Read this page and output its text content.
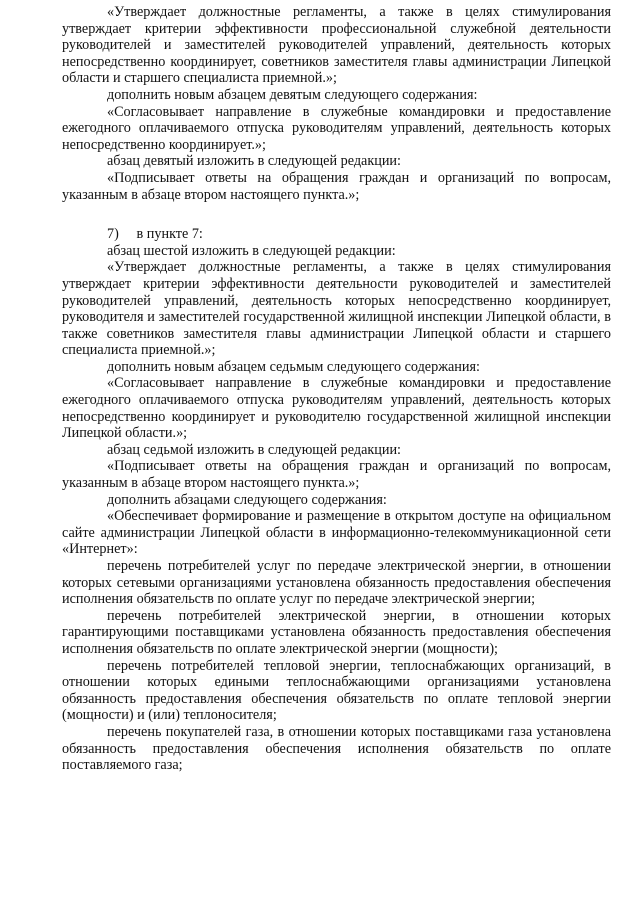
«Утверждает должностные регламенты, а также в целях стимулирования утверждает критерии эффективности профессиональной служебной деятельности руководителей и заместителей руководителей управлений, деятельность которых непосредственно координирует, советников заместителя главы администрации Липецкой области и старшего специалиста приемной.»;

дополнить новым абзацем девятым следующего содержания:

«Согласовывает направление в служебные командировки и предоставление ежегодного оплачиваемого отпуска руководителям управлений, деятельность которых непосредственно координирует.»;

абзац девятый изложить в следующей редакции:

«Подписывает ответы на обращения граждан и организаций по вопросам, указанным в абзаце втором настоящего пункта.»;

7)     в пункте 7:

абзац шестой изложить в следующей редакции:

«Утверждает должностные регламенты, а также в целях стимулирования утверждает критерии эффективности деятельности руководителей и заместителей руководителей управлений, деятельность которых непосредственно координирует, руководителя и заместителей государственной жилищной инспекции Липецкой области, в также советников заместителя главы администрации Липецкой области и старшего специалиста приемной.»;

дополнить новым абзацем седьмым следующего содержания:

«Согласовывает направление в служебные командировки и предоставление ежегодного оплачиваемого отпуска руководителям управлений, деятельность которых непосредственно координирует и руководителю государственной жилищной инспекции Липецкой области.»;

абзац седьмой изложить в следующей редакции:

«Подписывает ответы на обращения граждан и организаций по вопросам, указанным в абзаце втором настоящего пункта.»;

дополнить абзацами следующего содержания:

«Обеспечивает формирование и размещение в открытом доступе на официальном сайте администрации Липецкой области в информационно-телекоммуникационной сети «Интернет»:

перечень потребителей услуг по передаче электрической энергии, в отношении которых сетевыми организациями установлена обязанность предоставления обеспечения исполнения обязательств по оплате услуг по передаче электрической энергии;

перечень потребителей электрической энергии, в отношении которых гарантирующими поставщиками установлена обязанность предоставления обеспечения исполнения обязательств по оплате электрической энергии (мощности);

перечень потребителей тепловой энергии, теплоснабжающих организаций, в отношении которых едиными теплоснабжающими организациями установлена обязанность предоставления обеспечения обязательств по оплате тепловой энергии (мощности) и (или) теплоносителя;

перечень покупателей газа, в отношении которых поставщиками газа установлена обязанность предоставления обеспечения исполнения обязательств по оплате поставляемого газа;
